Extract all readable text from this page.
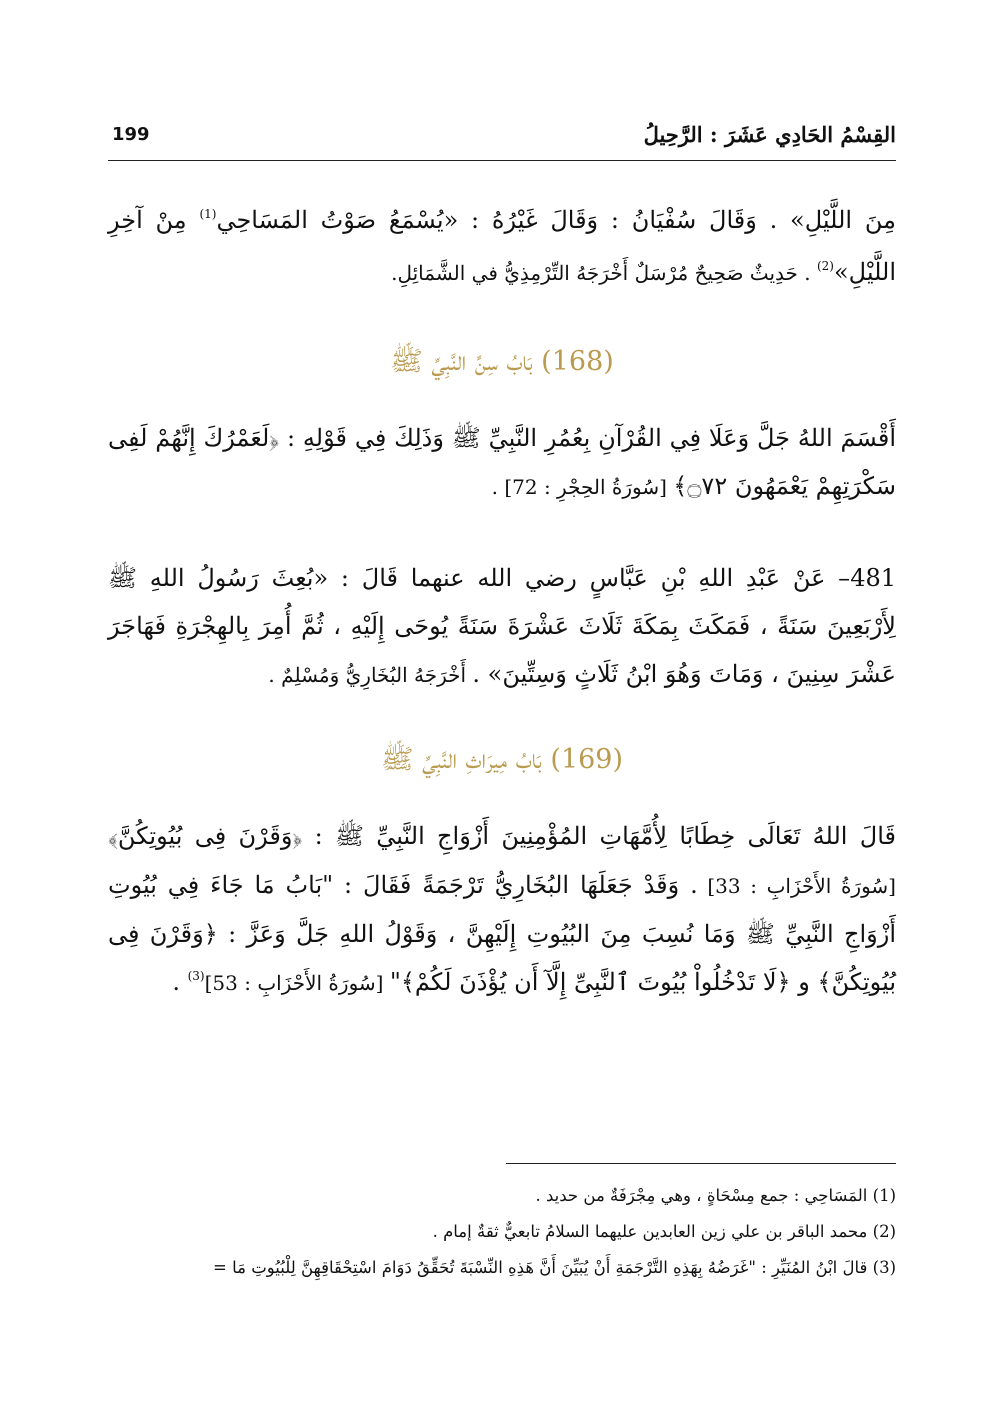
القِسْمُ الحَادِي عَشَرَ : الرَّحِيلُ
199
مِنَ اللَّيْلِ» . وَقَالَ سُفْيَانُ : وَقَالَ غَيْرُهُ : «يُسْمَعُ صَوْتُ المَسَاحِي$^{(1)}$ مِنْ آخِرِ اللَّيْلِ»$^{(2)}$ . حَدِيثٌ صَحِيحٌ مُرْسَلٌ أَخْرَجَهُ التِّرْمِذِيُّ في الشَّمَائِلِ.
(168) بَابُ سِنِّ النَّبِيِّ ﷺ
أَقْسَمَ اللهُ جَلَّ وَعَلَا فِي القُرْآنِ بِعُمُرِ النَّبِيِّ ﷺ وَذَلِكَ فِي قَوْلِهِ : ﴿لَعَمْرُكَ إِنَّهُمْ لَفِى سَكْرَتِهِمْ يَعْمَهُونَ ۝٧٢﴾ [سُورَةُ الحِجْرِ : 72] .
481– عَنْ عَبْدِ اللهِ بْنِ عَبَّاسٍ رضي الله عنهما قَالَ : «بُعِثَ رَسُولُ اللهِ ﷺ لِأَرْبَعِينَ سَنَةً ، فَمَكَثَ بِمَكَةَ ثَلَاثَ عَشْرَةَ سَنَةً يُوحَى إِلَيْهِ ، ثُمَّ أُمِرَ بِالهِجْرَةِ فَهَاجَرَ عَشْرَ سِنِينَ ، وَمَاتَ وَهُوَ ابْنُ ثَلَاثٍ وَسِتِّينَ» . أَخْرَجَهُ البُخَارِيُّ وَمُسْلِمٌ .
(169) بَابُ مِيرَاثِ النَّبِيِّ ﷺ
قَالَ اللهُ تَعَالَى خِطَابًا لِأُمَّهَاتِ المُؤْمِنِينَ أَزْوَاجِ النَّبِيِّ ﷺ : ﴿وَقَرْنَ فِى بُيُوتِكُنَّ﴾ [سُورَةُ الأَحْزَابِ : 33] . وَقَدْ جَعَلَهَا البُخَارِيُّ تَرْجَمَةً فَقَالَ : "بَابُ مَا جَاءَ فِي بُيُوتِ أَزْوَاجِ النَّبِيِّ ﷺ وَمَا نُسِبَ مِنَ البُيُوتِ إِلَيْهِنَّ ، وَقَوْلُ اللهِ جَلَّ وَعَزَّ : ﴿وَقَرْنَ فِى بُيُوتِكُنَّ﴾ و ﴿لَا تَدْخُلُواْ بُيُوتَ ٱلنَّبِىِّ إِلَّآ أَن يُؤْذَنَ لَكُمْ﴾" [سُورَةُ الأَحْزَابِ : 53]$^{(3)}$ .
(1) المَسَاحِي : جمع مِسْحَاةٍ ، وهي مِجْرَفَةٌ من حديد .
(2) محمد الباقر بن علي زين العابدين عليهما السلامُ تابعيٌّ ثقةٌ إمام .
(3) قالَ ابْنُ المُنَيِّرِ : "غَرَضُهُ بِهَذِهِ التَّرْجَمَةِ أَنْ يُبَيِّنَ أَنَّ هَذِهِ النِّسْبَةَ تُحَقِّقُ دَوَامَ اسْتِحْقَاقِهِنَّ لِلْبُيُوتِ مَا =
